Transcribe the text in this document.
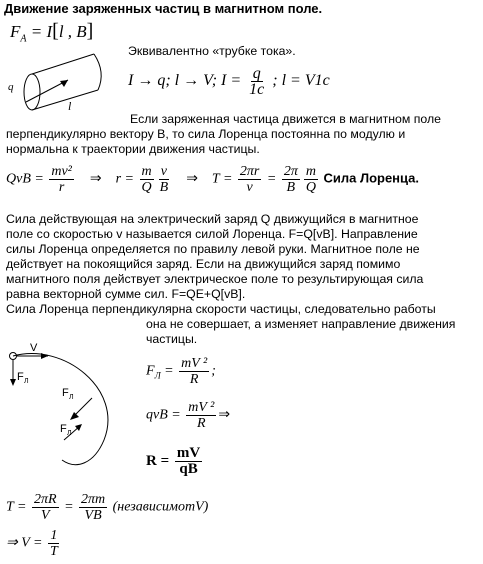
Движение заряженных частиц в магнитном поле.
$F_A = I[l$ , B]
q
l
Эквивалентно «трубке тока».
I → q; l → V; $I = \frac{q}{1c}$ ; l = V1c
Если заряженная частица движется в магнитном поле
перпендикулярно вектору В, то сила Лоренца постоянна по модулю и
нормальна к траектории движения частицы.
QvB = $\frac{\text{mv²}}{r}$ ⇒ $r = \frac{m}{Q} \frac{v}{B}$ ⇒ $T = \frac{2\pi r}{v} = \frac{2\pi}{B} \frac{m}{Q}$ Сила Лоренца.
Сила действующая на электрический заряд Q движущийся в магнитное
поле со скоростью v называется силой Лоренца. F=Q[vB]. Направление
силы Лоренца определяется по правилу левой руки. Магнитное поле не
действует на покоящийся заряд. Если на движущийся заряд помимо
магнитного поля действует электрическое поле то результирующая сила
равна векторной сумме сил. F=QE+Q[vB].
Сила Лоренца перпендикулярна скорости частицы, следовательно работы
она не совершает, а изменяет направление движения
частицы.
V
F Л
F Л
F Л
$F_Л = \frac{\text{mV ²}}{R}$ ;
qvB = $\frac{\text{mV ²}}{R}$ ⇒
$R = \frac{mV}{qB}$
$T = \frac{2\pi R}{V} = \frac{2\pi m}{VB}$ (независимотV)
⇒ $V = \frac{1}{T}$
